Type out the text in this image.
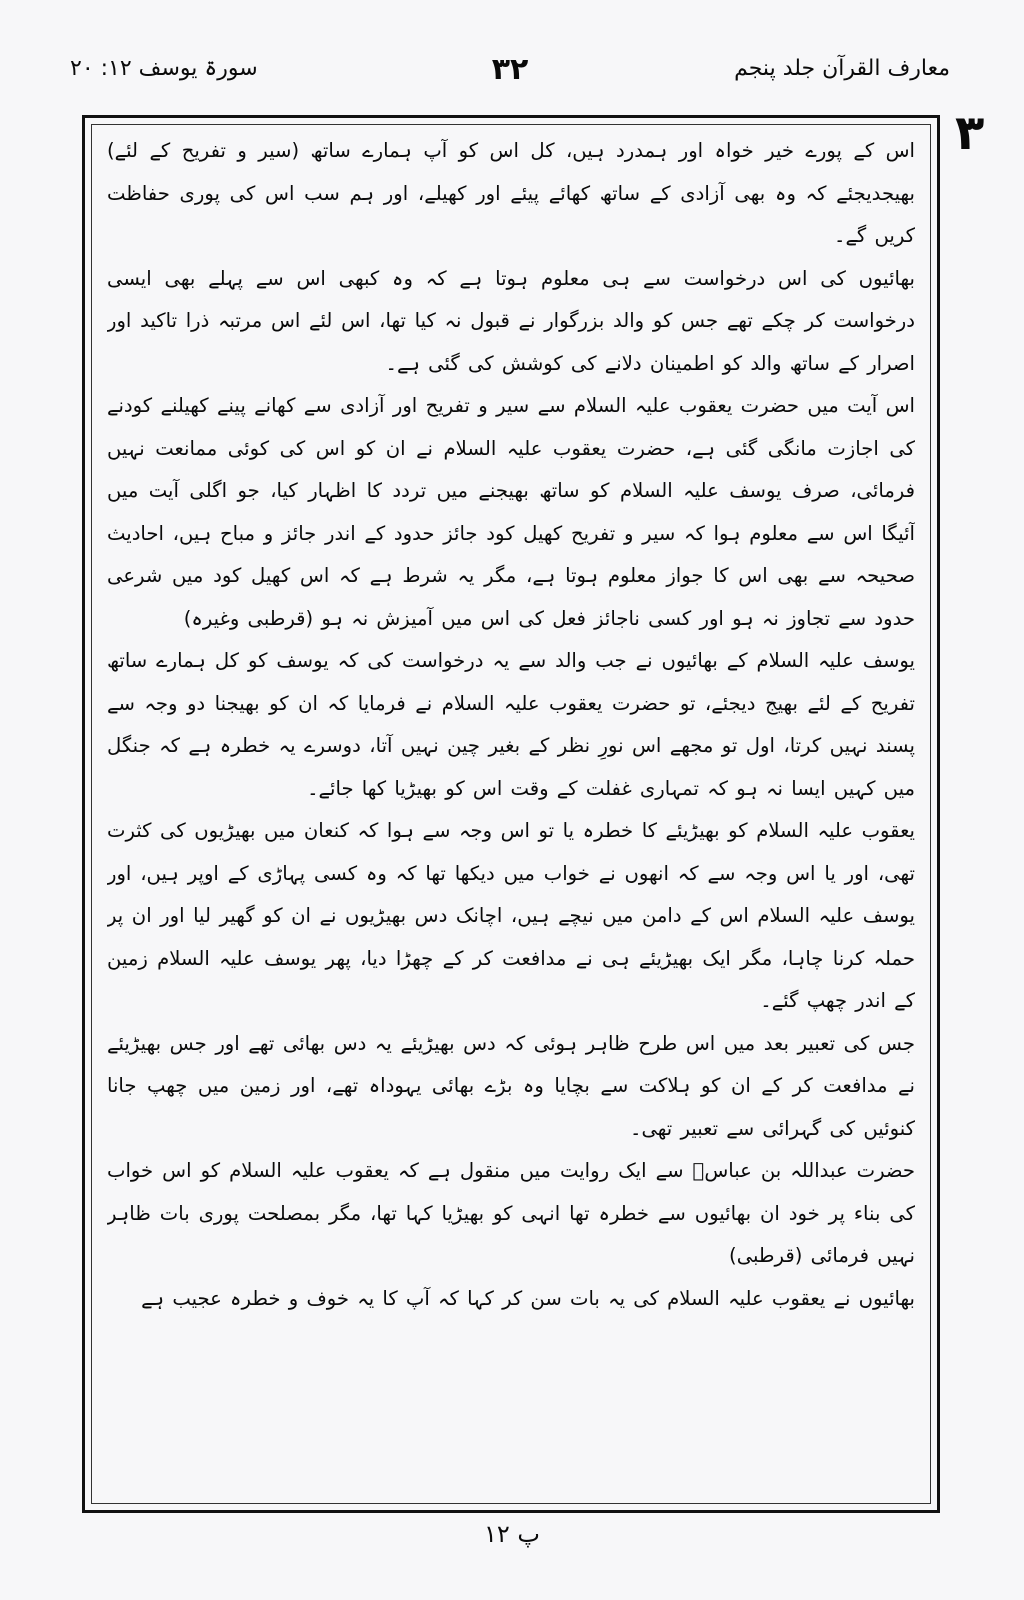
معارف القرآن جلد پنجم
۳۲
سورۃ یوسف ۱۲: ۲۰
۳

اس کے پورے خیر خواہ اور ہمدرد ہیں، کل اس کو آپ ہمارے ساتھ (سیر و تفریح کے لئے) بھیجدیجئے کہ وہ بھی آزادی کے ساتھ کھائے پیئے اور کھیلے، اور ہم سب اس کی پوری حفاظت کریں گے۔

بھائیوں کی اس درخواست سے ہی معلوم ہوتا ہے کہ وہ کبھی اس سے پہلے بھی ایسی درخواست کر چکے تھے جس کو والد بزرگوار نے قبول نہ کیا تھا، اس لئے اس مرتبہ ذرا تاکید اور اصرار کے ساتھ والد کو اطمینان دلانے کی کوشش کی گئی ہے۔

اس آیت میں حضرت یعقوب علیہ السلام سے سیر و تفریح اور آزادی سے کھانے پینے کھیلنے کودنے کی اجازت مانگی گئی ہے، حضرت یعقوب علیہ السلام نے ان کو اس کی کوئی ممانعت نہیں فرمائی، صرف یوسف علیہ السلام کو ساتھ بھیجنے میں تردد کا اظہار کیا، جو اگلی آیت میں آئیگا اس سے معلوم ہوا کہ سیر و تفریح کھیل کود جائز حدود کے اندر جائز و مباح ہیں، احادیث صحیحہ سے بھی اس کا جواز معلوم ہوتا ہے، مگر یہ شرط ہے کہ اس کھیل کود میں شرعی حدود سے تجاوز نہ ہو اور کسی ناجائز فعل کی اس میں آمیزش نہ ہو (قرطبی وغیرہ)

یوسف علیہ السلام کے بھائیوں نے جب والد سے یہ درخواست کی کہ یوسف کو کل ہمارے ساتھ تفریح کے لئے بھیج دیجئے، تو حضرت یعقوب علیہ السلام نے فرمایا کہ ان کو بھیجنا دو وجہ سے پسند نہیں کرتا، اول تو مجھے اس نورِ نظر کے بغیر چین نہیں آتا، دوسرے یہ خطرہ ہے کہ جنگل میں کہیں ایسا نہ ہو کہ تمہاری غفلت کے وقت اس کو بھیڑیا کھا جائے۔

یعقوب علیہ السلام کو بھیڑیئے کا خطرہ یا تو اس وجہ سے ہوا کہ کنعان میں بھیڑیوں کی کثرت تھی، اور یا اس وجہ سے کہ انھوں نے خواب میں دیکھا تھا کہ وہ کسی پہاڑی کے اوپر ہیں، اور یوسف علیہ السلام اس کے دامن میں نیچے ہیں، اچانک دس بھیڑیوں نے ان کو گھیر لیا اور ان پر حملہ کرنا چاہا، مگر ایک بھیڑیئے ہی نے مدافعت کر کے چھڑا دیا، پھر یوسف علیہ السلام زمین کے اندر چھپ گئے۔

جس کی تعبیر بعد میں اس طرح ظاہر ہوئی کہ دس بھیڑیئے یہ دس بھائی تھے اور جس بھیڑیئے نے مدافعت کر کے ان کو ہلاکت سے بچایا وہ بڑے بھائی یہوداہ تھے، اور زمین میں چھپ جانا کنوئیں کی گہرائی سے تعبیر تھی۔

حضرت عبداللہ بن عباسؓ سے ایک روایت میں منقول ہے کہ یعقوب علیہ السلام کو اس خواب کی بناء پر خود ان بھائیوں سے خطرہ تھا انہی کو بھیڑیا کہا تھا، مگر بمصلحت پوری بات ظاہر نہیں فرمائی (قرطبی)

بھائیوں نے یعقوب علیہ السلام کی یہ بات سن کر کہا کہ آپ کا یہ خوف و خطرہ عجیب ہے

پ ۱۲
